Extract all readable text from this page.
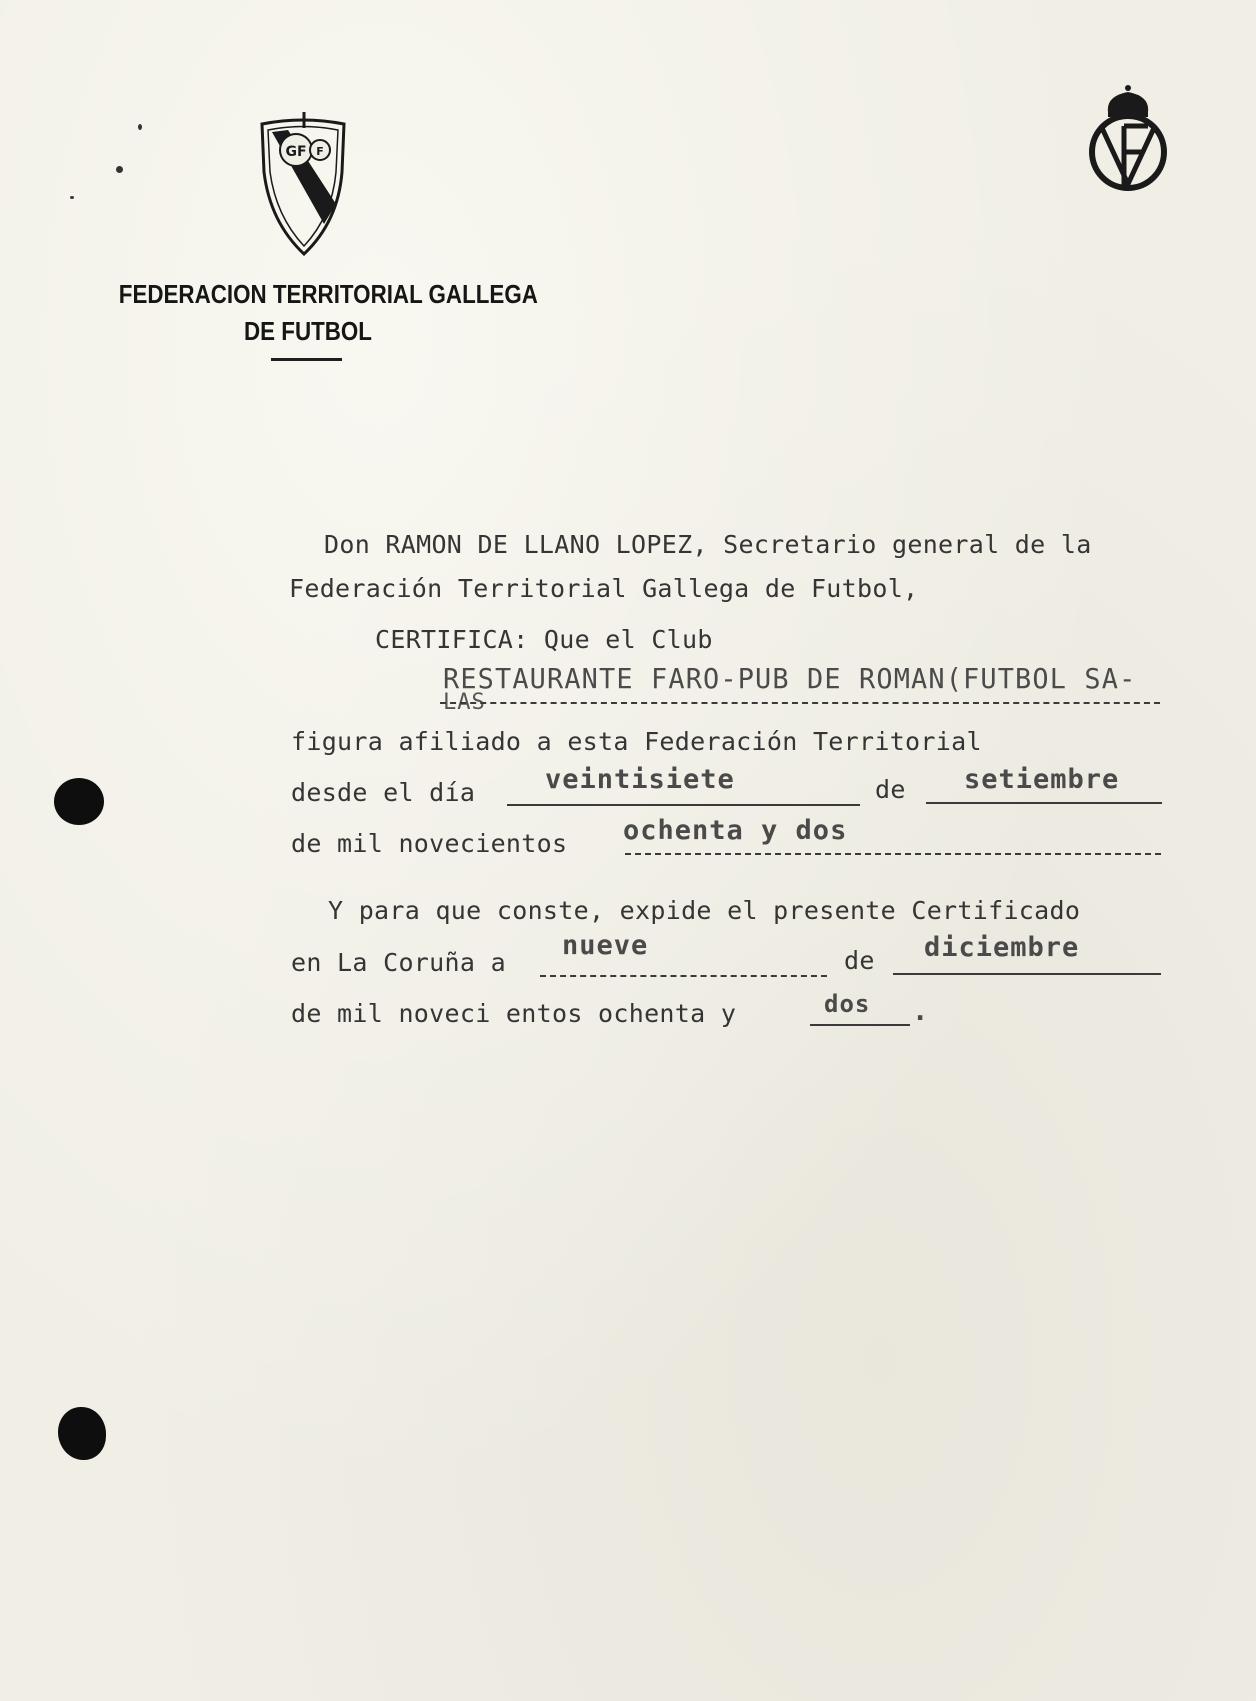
GF F
FEDERACION TERRITORIAL GALLEGA
DE FUTBOL
Don RAMON DE LLANO LOPEZ, Secretario general de la
Federación Territorial Gallega de Futbol,
CERTIFICA: Que el Club
RESTAURANTE FARO-PUB DE ROMAN(FUTBOL SA-
LAS
figura afiliado a esta Federación Territorial
desde el día	veintisiete	de setiembre
de mil novecientos ochenta y dos
Y para que conste, expide el presente Certificado
en La Coruña a
nueve	de diciembre
de mil noveci entos ochenta y	dos .
